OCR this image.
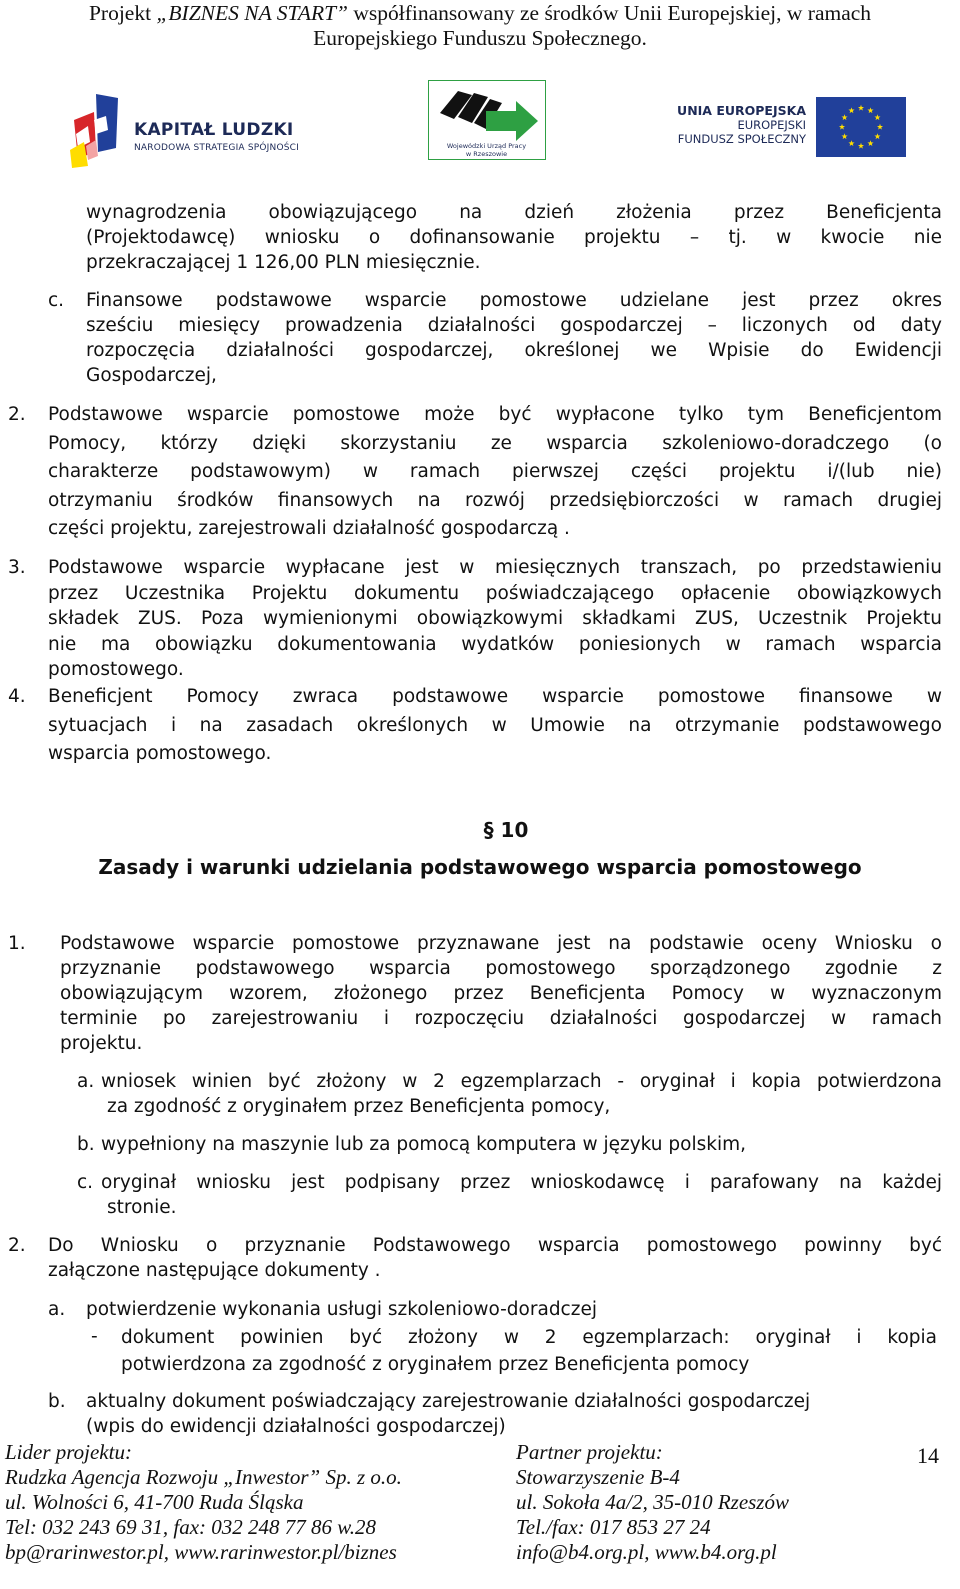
Projekt „BIZNES NA START” współfinansowany ze środków Unii Europejskiej, w ramach
Europejskiego Funduszu Społecznego.
KAPITAŁ LUDZKI
NARODOWA STRATEGIA SPÓJNOŚCI	Wojewódzki Urząd Pracy
w Rzeszowie
UNIA EUROPEJSKA
EUROPEJSKI
FUNDUSZ SPOŁECZNY
wynagrodzenia obowiązującego na dzień złożenia przez Beneficjenta
(Projektodawcę) wniosku o dofinansowanie projektu – tj. w kwocie nie
przekraczającej 1 126,00 PLN miesięcznie.
c. Finansowe podstawowe wsparcie pomostowe udzielane jest przez okres
sześciu miesięcy prowadzenia działalności gospodarczej – liczonych od daty
rozpoczęcia działalności gospodarczej, określonej we Wpisie do Ewidencji
Gospodarczej,
2. Podstawowe wsparcie pomostowe może być wypłacone tylko tym Beneficjentom
Pomocy, którzy dzięki skorzystaniu ze wsparcia szkoleniowo-doradczego (o
charakterze podstawowym) w ramach pierwszej części projektu i/(lub nie)
otrzymaniu środków finansowych na rozwój przedsiębiorczości w ramach drugiej
części projektu, zarejestrowali działalność gospodarczą .
3. Podstawowe wsparcie wypłacane jest w miesięcznych transzach, po przedstawieniu
przez Uczestnika Projektu dokumentu poświadczającego opłacenie obowiązkowych
składek ZUS. Poza wymienionymi obowiązkowymi składkami ZUS, Uczestnik Projektu
nie ma obowiązku dokumentowania wydatków poniesionych w ramach wsparcia
pomostowego.
4. Beneficjent Pomocy zwraca podstawowe wsparcie pomostowe finansowe w
sytuacjach i na zasadach określonych w Umowie na otrzymanie podstawowego
wsparcia pomostowego.
§ 10
Zasady i warunki udzielania podstawowego wsparcia pomostowego
1. Podstawowe wsparcie pomostowe przyznawane jest na podstawie oceny Wniosku o
przyznanie podstawowego wsparcia pomostowego sporządzonego zgodnie z
obowiązującym wzorem, złożonego przez Beneficjenta Pomocy w wyznaczonym
terminie po zarejestrowaniu i rozpoczęciu działalności gospodarczej w ramach
projektu.
a. wniosek winien być złożony w 2 egzemplarzach - oryginał i kopia potwierdzona
za zgodność z oryginałem przez Beneficjenta pomocy,
b. wypełniony na maszynie lub za pomocą komputera w języku polskim,
c. oryginał wniosku jest podpisany przez wnioskodawcę i parafowany na każdej
stronie.
2. Do Wniosku o przyznanie Podstawowego wsparcia pomostowego powinny być
załączone następujące dokumenty .
a. potwierdzenie wykonania usługi szkoleniowo-doradczej
- dokument powinien być złożony w 2 egzemplarzach: oryginał i kopia
potwierdzona za zgodność z oryginałem przez Beneficjenta pomocy
b. aktualny dokument poświadczający zarejestrowanie działalności gospodarczej
(wpis do ewidencji działalności gospodarczej)
Lider projektu:
Rudzka Agencja Rozwoju „Inwestor” Sp. z o.o.
ul. Wolności 6, 41-700 Ruda Śląska
Tel: 032 243 69 31, fax: 032 248 77 86 w.28
bp@rarinwestor.pl, www.rarinwestor.pl/biznes
Partner projektu:
Stowarzyszenie B-4
ul. Sokoła 4a/2, 35-010 Rzeszów
Tel./fax: 017 853 27 24
info@b4.org.pl, www.b4.org.pl
14
